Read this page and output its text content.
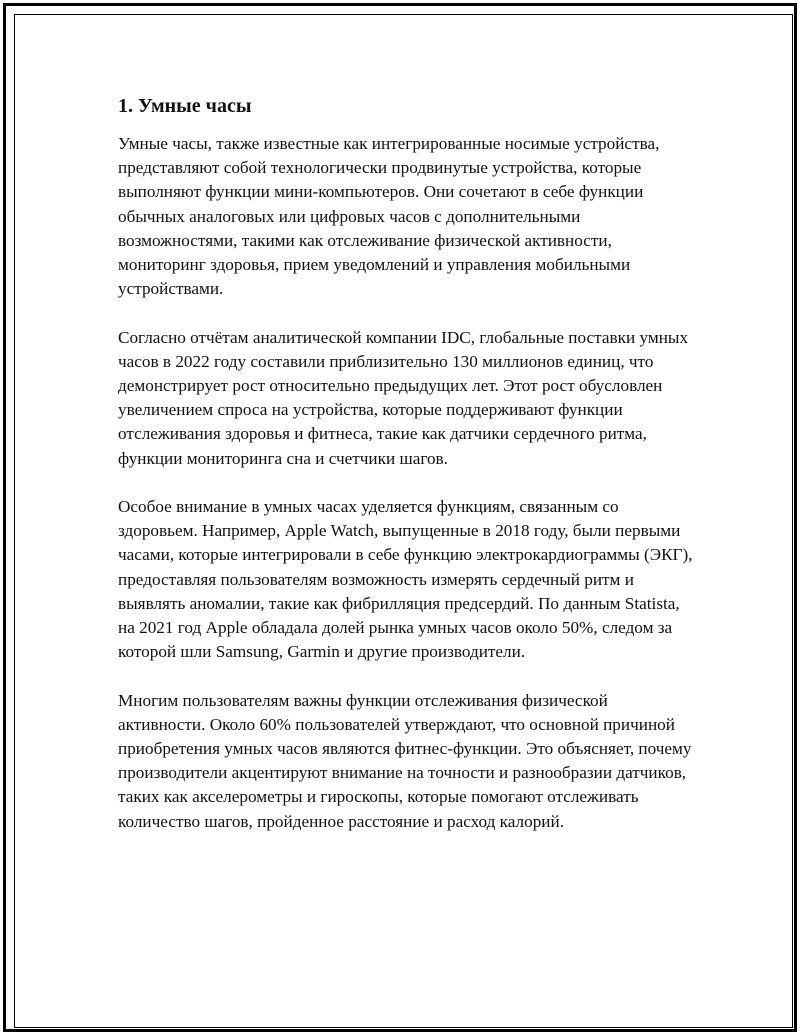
1. Умные часы

Умные часы, также известные как интегрированные носимые устройства, представляют собой технологически продвинутые устройства, которые выполняют функции мини-компьютеров. Они сочетают в себе функции обычных аналоговых или цифровых часов с дополнительными возможностями, такими как отслеживание физической активности, мониторинг здоровья, прием уведомлений и управления мобильными устройствами.

Согласно отчётам аналитической компании IDC, глобальные поставки умных часов в 2022 году составили приблизительно 130 миллионов единиц, что демонстрирует рост относительно предыдущих лет. Этот рост обусловлен увеличением спроса на устройства, которые поддерживают функции отслеживания здоровья и фитнеса, такие как датчики сердечного ритма, функции мониторинга сна и счетчики шагов.

Особое внимание в умных часах уделяется функциям, связанным со здоровьем. Например, Apple Watch, выпущенные в 2018 году, были первыми часами, которые интегрировали в себе функцию электрокардиограммы (ЭКГ), предоставляя пользователям возможность измерять сердечный ритм и выявлять аномалии, такие как фибрилляция предсердий. По данным Statista, на 2021 год Apple обладала долей рынка умных часов около 50%, следом за которой шли Samsung, Garmin и другие производители.

Многим пользователям важны функции отслеживания физической активности. Около 60% пользователей утверждают, что основной причиной приобретения умных часов являются фитнес-функции. Это объясняет, почему производители акцентируют внимание на точности и разнообразии датчиков, таких как акселерометры и гироскопы, которые помогают отслеживать количество шагов, пройденное расстояние и расход калорий.
